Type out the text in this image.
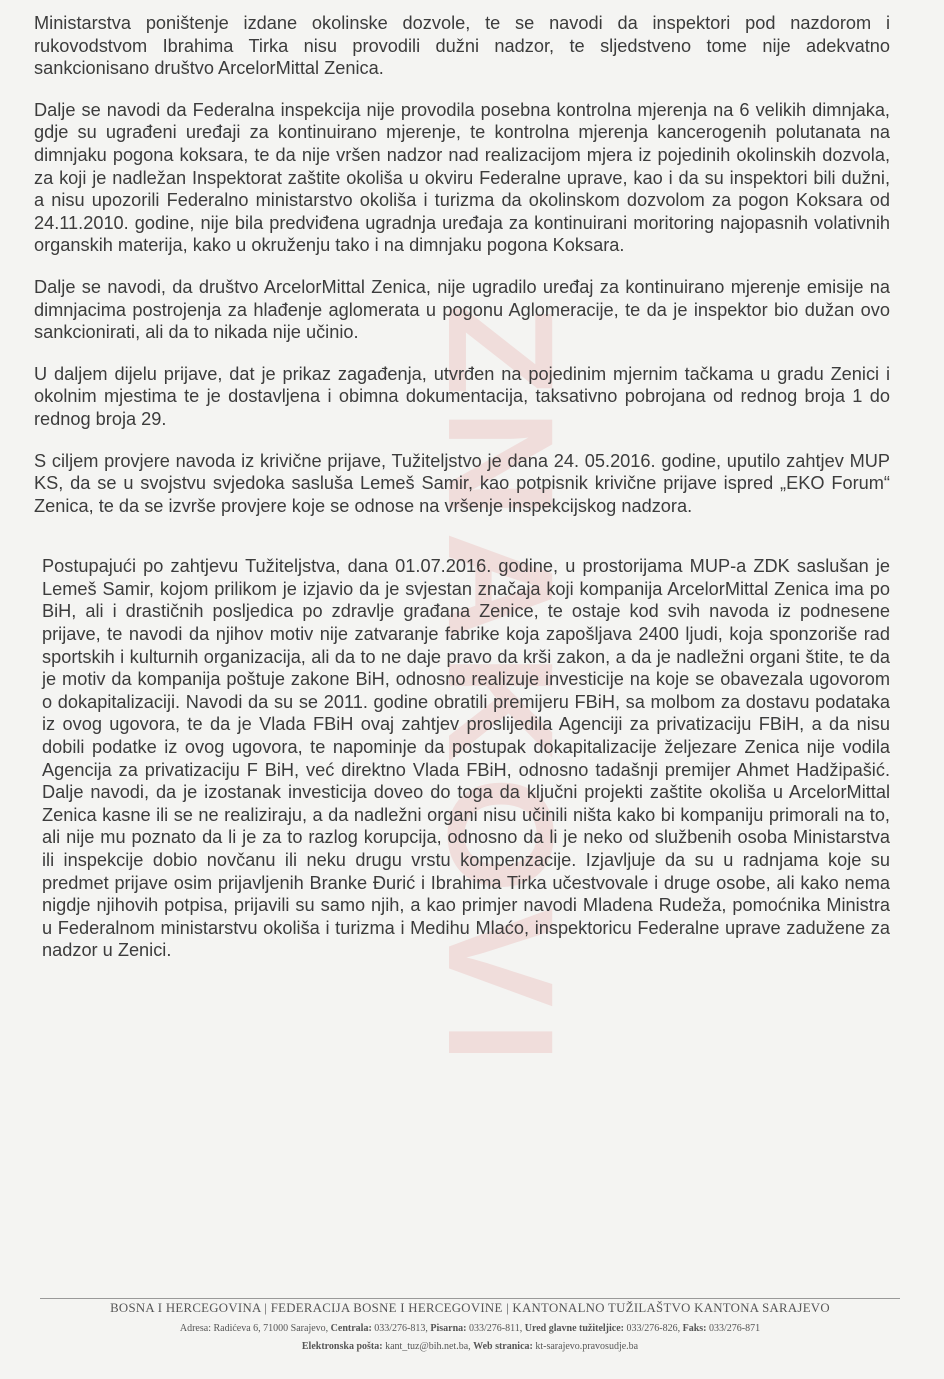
ZNAKOVI

Ministarstva poništenje izdane okolinske dozvole, te se navodi da inspektori pod nazdorom i rukovodstvom Ibrahima Tirka nisu provodili dužni nadzor, te sljedstveno tome nije adekvatno sankcionisano društvo ArcelorMittal Zenica.

Dalje se navodi da Federalna inspekcija nije provodila posebna kontrolna mjerenja na 6 velikih dimnjaka, gdje su ugrađeni uređaji za kontinuirano mjerenje, te kontrolna mjerenja kancerogenih polutanata na dimnjaku pogona koksara, te da nije vršen nadzor nad realizacijom mjera iz pojedinih okolinskih dozvola, za koji je nadležan Inspektorat zaštite okoliša u okviru Federalne uprave, kao i da su inspektori bili dužni, a nisu upozorili Federalno ministarstvo okoliša i turizma da okolinskom dozvolom za pogon Koksara od 24.11.2010. godine, nije bila predviđena ugradnja uređaja za kontinuirani moritoring najopasnih volativnih organskih materija, kako u okruženju tako i na dimnjaku pogona Koksara.

Dalje se navodi, da društvo ArcelorMittal Zenica, nije ugradilo uređaj za kontinuirano mjerenje emisije na dimnjacima postrojenja za hlađenje aglomerata u pogonu Aglomeracije, te da je inspektor bio dužan ovo sankcionirati, ali da to nikada nije učinio.

U daljem dijelu prijave, dat je prikaz zagađenja, utvrđen na pojedinim mjernim tačkama u gradu Zenici i okolnim mjestima te je dostavljena i obimna dokumentacija, taksativno pobrojana od rednog broja 1 do rednog broja 29.

S ciljem provjere navoda iz krivične prijave, Tužiteljstvo je dana 24. 05.2016. godine, uputilo zahtjev MUP KS, da se u svojstvu svjedoka sasluša Lemeš Samir, kao potpisnik krivične prijave ispred „EKO Forum“ Zenica, te da se izvrše provjere koje se odnose na vršenje inspekcijskog nadzora.

Postupajući po zahtjevu Tužiteljstva, dana 01.07.2016. godine, u prostorijama MUP-a ZDK saslušan je Lemeš Samir, kojom prilikom je izjavio da je svjestan značaja koji kompanija ArcelorMittal Zenica ima po BiH, ali i drastičnih posljedica po zdravlje građana Zenice, te ostaje kod svih navoda iz podnesene prijave, te navodi da njihov motiv nije zatvaranje fabrike koja zapošljava 2400 ljudi, koja sponzoriše rad sportskih i kulturnih organizacija, ali da to ne daje pravo da krši zakon, a da je nadležni organi štite, te da je motiv da kompanija poštuje zakone BiH, odnosno realizuje investicije na koje se obavezala ugovorom o dokapitalizaciji. Navodi da su se 2011. godine obratili premijeru FBiH, sa molbom za dostavu podataka iz ovog ugovora, te da je Vlada FBiH ovaj zahtjev proslijedila Agenciji za privatizaciju FBiH, a da nisu dobili podatke iz ovog ugovora, te napominje da postupak dokapitalizacije željezare Zenica nije vodila Agencija za privatizaciju F BiH, već direktno Vlada FBiH, odnosno tadašnji premijer Ahmet Hadžipašić. Dalje navodi, da je izostanak investicija doveo do toga da ključni projekti zaštite okoliša u ArcelorMittal Zenica kasne ili se ne realiziraju, a da nadležni organi nisu učinili ništa kako bi kompaniju primorali na to, ali nije mu poznato da li je za to razlog korupcija, odnosno da li je neko od službenih osoba Ministarstva ili inspekcije dobio novčanu ili neku drugu vrstu kompenzacije. Izjavljuje da su u radnjama koje su predmet prijave osim prijavljenih Branke Đurić i Ibrahima Tirka učestvovale i druge osobe, ali kako nema nigdje njihovih potpisa, prijavili su samo njih, a kao primjer navodi Mladena Rudeža, pomoćnika Ministra u Federalnom ministarstvu okoliša i turizma i Medihu Mlaćo, inspektoricu Federalne uprave zadužene za nadzor u Zenici.

BOSNA I HERCEGOVINA | FEDERACIJA BOSNE I HERCEGOVINE | KANTONALNO TUŽILAŠTVO KANTONA SARAJEVO
Adresa: Radićeva 6, 71000 Sarajevo, Centrala: 033/276-813, Pisarna: 033/276-811, Ured glavne tužiteljice: 033/276-826, Faks: 033/276-871
Elektronska pošta: kant_tuz@bih.net.ba, Web stranica: kt-sarajevo.pravosudje.ba
